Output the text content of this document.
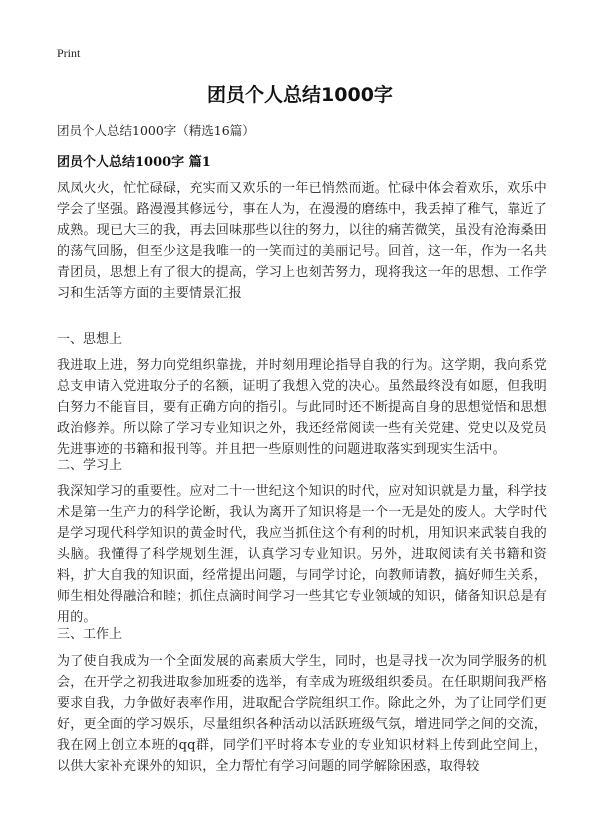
Print
团员个人总结1000字
团员个人总结1000字（精选16篇）
团员个人总结1000字 篇1
凤凤火火，忙忙碌碌，充实而又欢乐的一年已悄然而逝。忙碌中体会着欢乐，欢乐中学会了坚强。路漫漫其修远兮，事在人为，在漫漫的磨练中，我丢掉了稚气，靠近了成熟。现已大三的我，再去回味那些以往的努力，以往的痛苦微笑，虽没有沧海桑田的荡气回肠，但至少这是我唯一的一笑而过的美丽记号。回首，这一年，作为一名共青团员，思想上有了很大的提高，学习上也刻苦努力，现将我这一年的思想、工作学习和生活等方面的主要情景汇报
一、思想上
我进取上进，努力向党组织靠拢，并时刻用理论指导自我的行为。这学期，我向系党总支申请入党进取分子的名额，证明了我想入党的决心。虽然最终没有如愿，但我明白努力不能盲目，要有正确方向的指引。与此同时还不断提高自身的思想觉悟和思想政治修养。所以除了学习专业知识之外，我还经常阅读一些有关党建、党史以及党员先进事迹的书籍和报刊等。并且把一些原则性的问题进取落实到现实生活中。
二、学习上
我深知学习的重要性。应对二十一世纪这个知识的时代，应对知识就是力量，科学技术是第一生产力的科学论断，我认为离开了知识将是一个一无是处的废人。大学时代是学习现代科学知识的黄金时代，我应当抓住这个有利的时机，用知识来武装自我的头脑。我懂得了科学规划生涯，认真学习专业知识。另外，进取阅读有关书籍和资料，扩大自我的知识面，经常提出问题，与同学讨论，向教师请教，搞好师生关系，师生相处得融洽和睦；抓住点滴时间学习一些其它专业领域的知识，储备知识总是有用的。
三、工作上
为了使自我成为一个全面发展的高素质大学生，同时，也是寻找一次为同学服务的机会，在开学之初我进取参加班委的选举，有幸成为班级组织委员。在任职期间我严格要求自我，力争做好表率作用，进取配合学院组织工作。除此之外，为了让同学们更好，更全面的学习娱乐，尽量组织各种活动以活跃班级气氛，增进同学之间的交流，我在网上创立本班的qq群，同学们平时将本专业的专业知识材料上传到此空间上，以供大家补充课外的知识，全力帮忙有学习问题的同学解除困惑，取得较
